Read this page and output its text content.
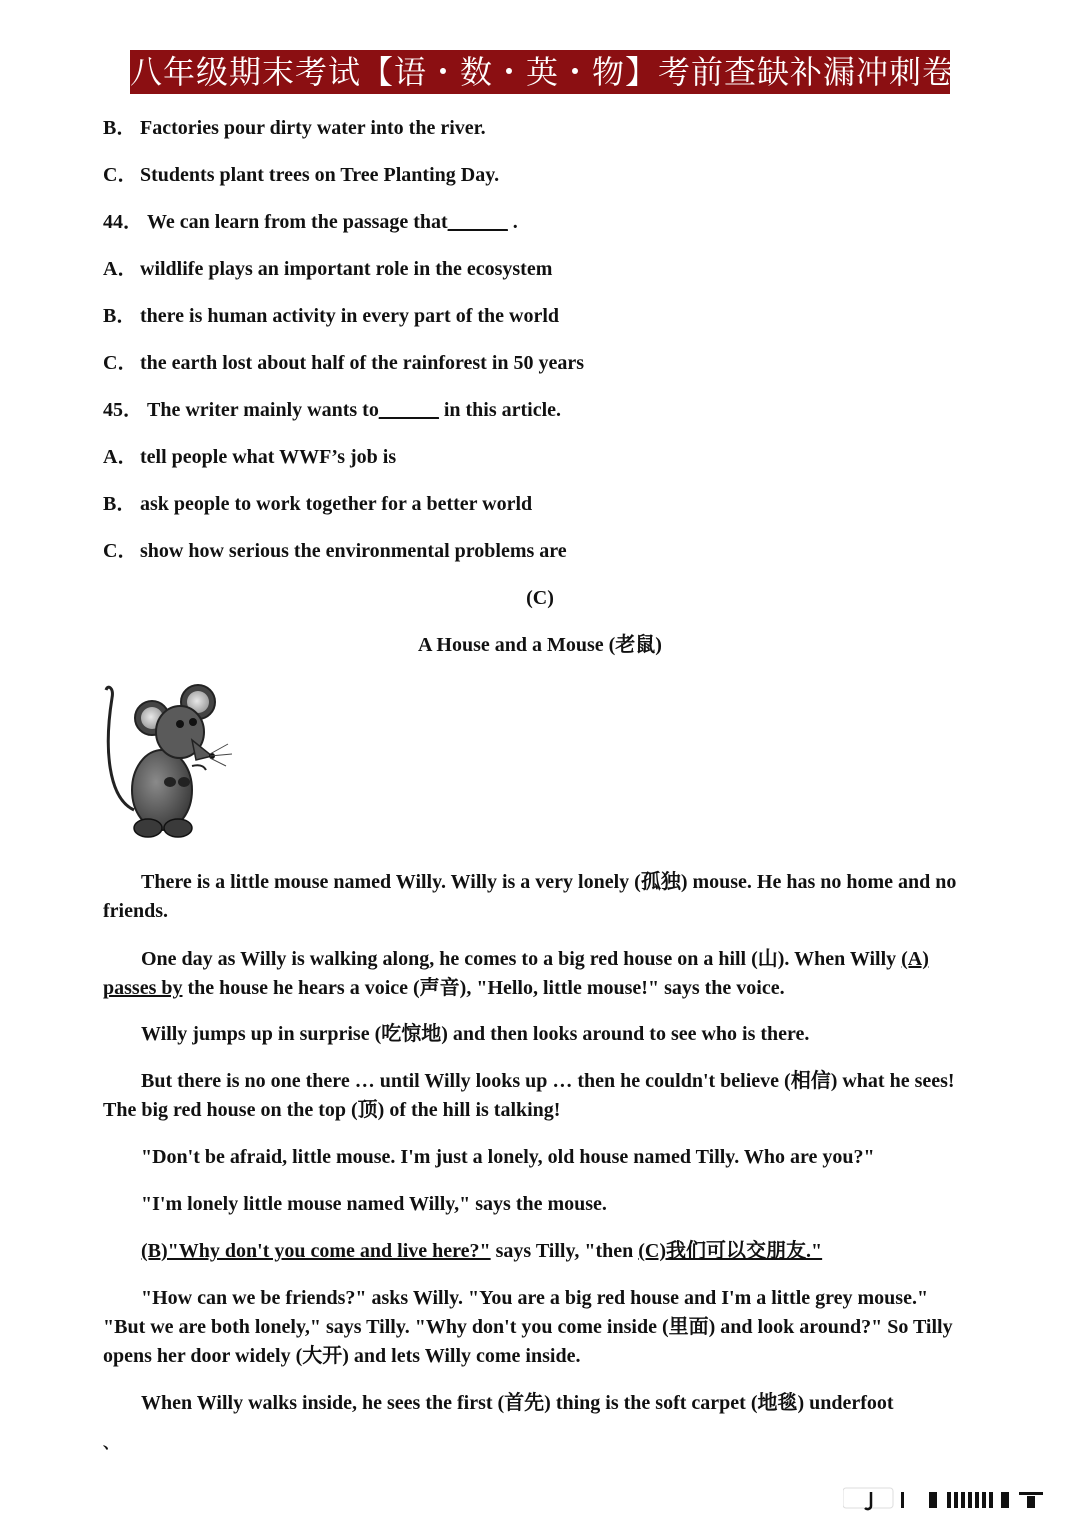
八年级期末考试【语・数・英・物】考前查缺补漏冲刺卷
B． Factories pour dirty water into the river.
C． Students plant trees on Tree Planting Day.
44． We can learn from the passage that______ .
A． wildlife plays an important role in the ecosystem
B． there is human activity in every part of the world
C． the earth lost about half of the rainforest in 50 years
45． The writer mainly wants to______ in this article.
A． tell people what WWF’s job is
B． ask people to work together for a better world
C． show how serious the environmental problems are
(C)
A House and a Mouse (老鼠)
There is a little mouse named Willy. Willy is a very lonely (孤独) mouse. He has no home and no friends.
One day as Willy is walking along, he comes to a big red house on a hill (山). When Willy (A) passes by the house he hears a voice (声音), "Hello, little mouse!" says the voice.
Willy jumps up in surprise (吃惊地) and then looks around to see who is there.
But there is no one there … until Willy looks up … then he couldn't believe (相信) what he sees! The big red house on the top (顶) of the hill is talking!
"Don't be afraid, little mouse. I'm just a lonely, old house named Tilly. Who are you?"
"I'm lonely little mouse named Willy," says the mouse.
(B)"Why don't you come and live here?" says Tilly, "then (C)我们可以交朋友."
"How can we be friends?" asks Willy. "You are a big red house and I'm a little grey mouse." "But we are both lonely," says Tilly. "Why don't you come inside (里面) and look around?" So Tilly opens her door widely (大开) and lets Willy come inside.
When Willy walks inside, he sees the first (首先) thing is the soft carpet (地毯) underfoot
、
